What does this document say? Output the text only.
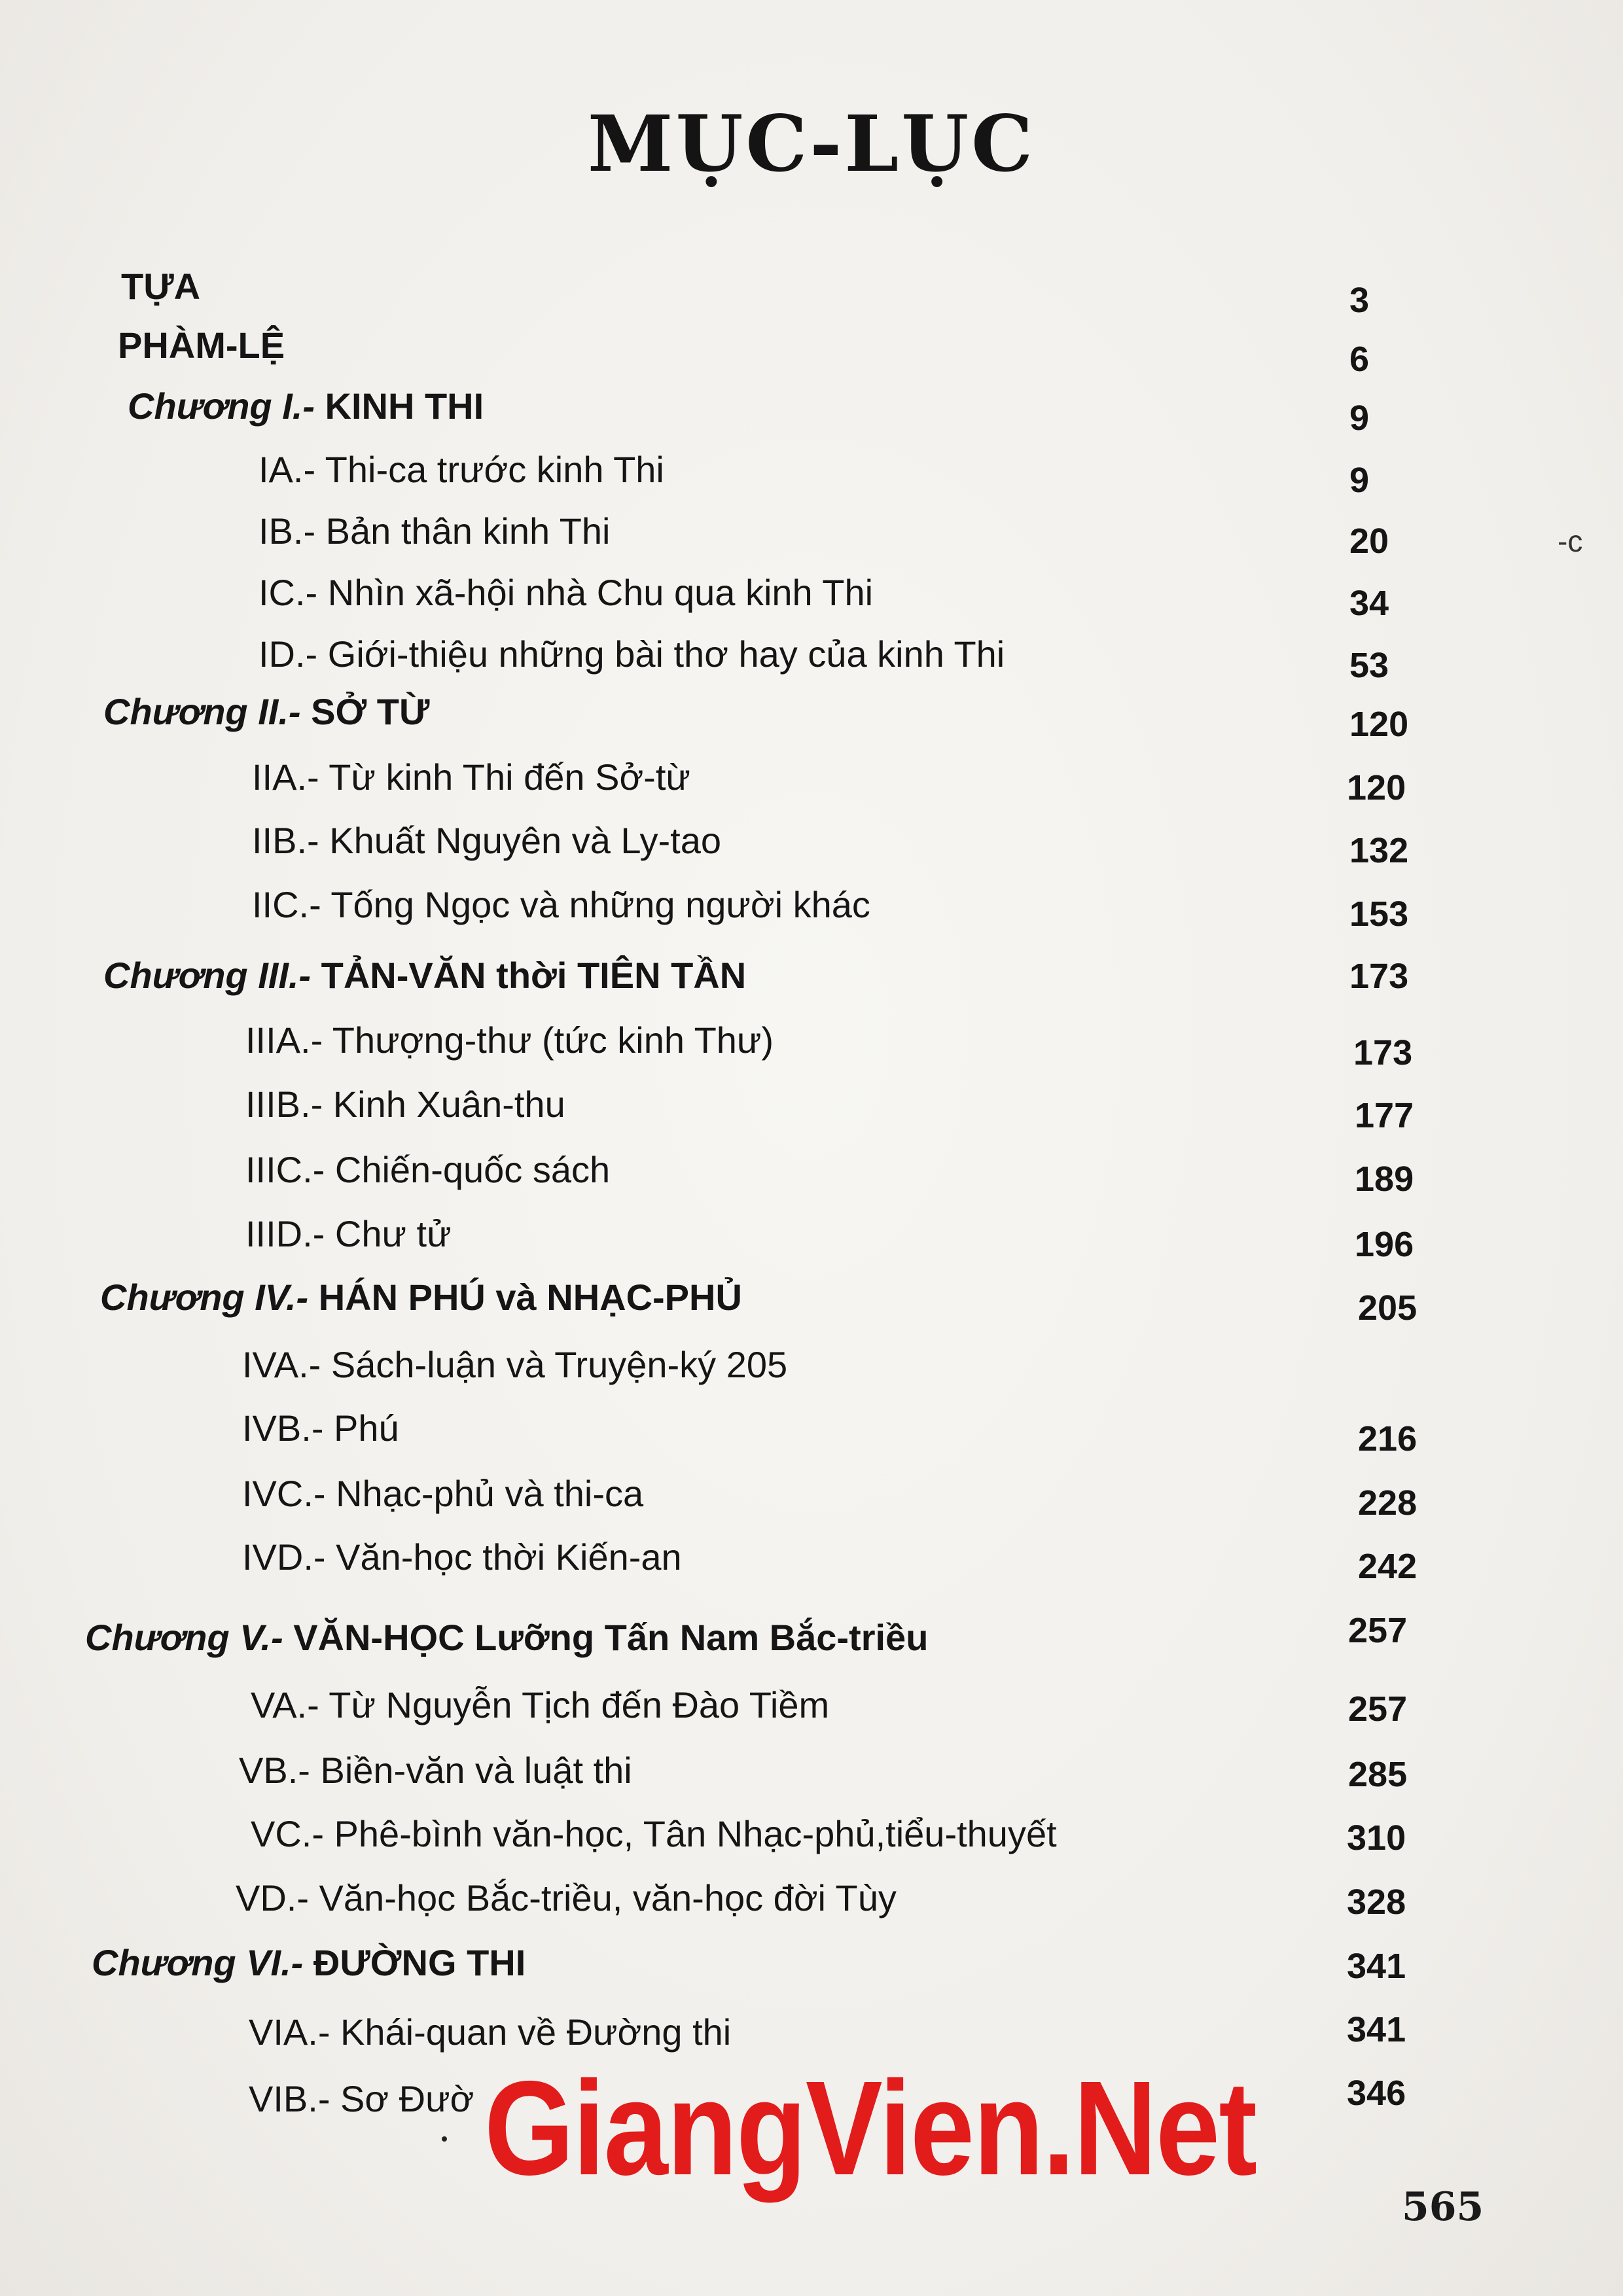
MỤC-LỤC
TỰA	3
PHÀM-LỆ	6
Chương I.- KINH THI	9
IA.- Thi-ca trước kinh Thi	9
IB.- Bản thân kinh Thi	20
IC.- Nhìn xã-hội nhà Chu qua kinh Thi	34
ID.- Giới-thiệu những bài thơ hay của kinh Thi	53
Chương II.- SỞ TỪ	120
IIA.- Từ kinh Thi đến Sở-từ	120
IIB.- Khuất Nguyên và Ly-tao	132
IIC.- Tống Ngọc và những người khác	153
Chương III.- TẢN-VĂN thời TIÊN TẦN	173
IIIA.- Thượng-thư (tức kinh Thư)	173
IIIB.- Kinh Xuân-thu	177
IIIC.- Chiến-quốc sách	189
IIID.- Chư tử	196
Chương IV.- HÁN PHÚ và NHẠC-PHỦ	205
IVA.- Sách-luận và Truyện-ký 205
IVB.- Phú	216
IVC.- Nhạc-phủ và thi-ca	228
IVD.- Văn-học thời Kiến-an	242
Chương V.- VĂN-HỌC Lưỡng Tấn Nam Bắc-triều	257
VA.- Từ Nguyễn Tịch đến Đào Tiềm	257
VB.- Biền-văn và luật thi	285
VC.- Phê-bình văn-học, Tân Nhạc-phủ,tiểu-thuyết	310
VD.- Văn-học Bắc-triều, văn-học đời Tùy	328
Chương VI.- ĐƯỜNG THI	341
VIA.- Khái-quan về Đường thi	341
VIB.- Sơ Đườ	346
-c
GiangVien.Net
565
